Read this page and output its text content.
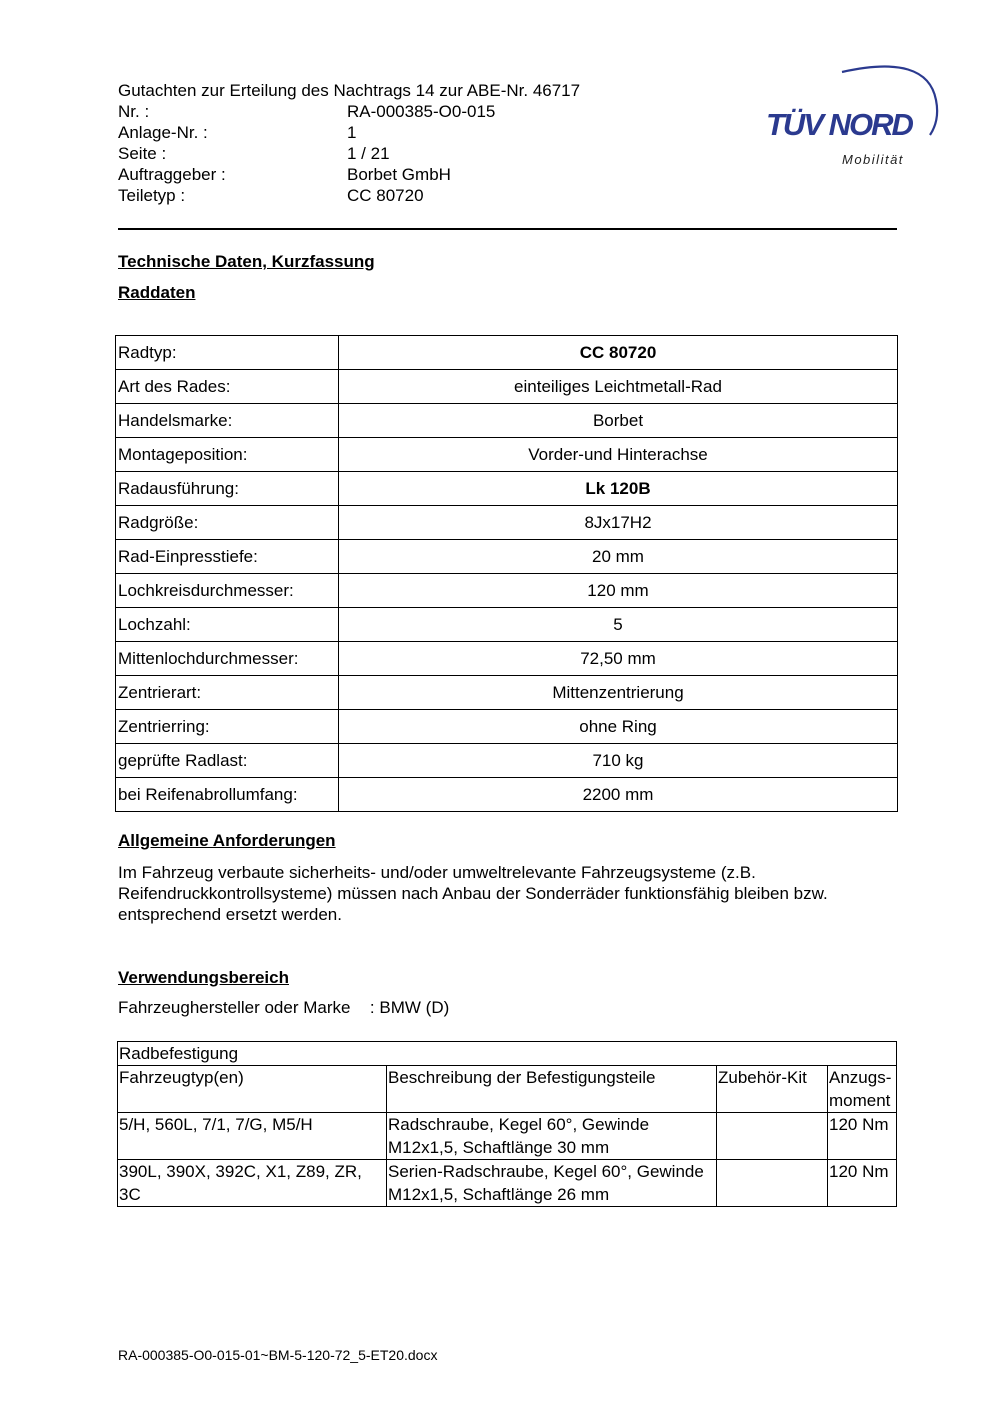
Gutachten zur Erteilung des Nachtrags 14 zur ABE-Nr. 46717
Nr. :	RA-000385-O0-015
Anlage-Nr. :	1
Seite :	1 / 21
Auftraggeber :	Borbet GmbH
Teiletyp :	CC 80720
TÜV NORD
Mobilität
Technische Daten, Kurzfassung
Raddaten
Radtyp:	CC 80720
Art des Rades:	einteiliges Leichtmetall-Rad
Handelsmarke:	Borbet
Montageposition:	Vorder-und Hinterachse
Radausführung:	Lk 120B
Radgröße:	8Jx17H2
Rad-Einpresstiefe:	20 mm
Lochkreisdurchmesser:	120 mm
Lochzahl:	5
Mittenlochdurchmesser:	72,50 mm
Zentrierart:	Mittenzentrierung
Zentrierring:	ohne Ring
geprüfte Radlast:	710 kg
bei Reifenabrollumfang:	2200 mm
Allgemeine Anforderungen
Im Fahrzeug verbaute sicherheits- und/oder umweltrelevante Fahrzeugsysteme (z.B. Reifendruckkontrollsysteme) müssen nach Anbau der Sonderräder funktionsfähig bleiben bzw. entsprechend ersetzt werden.
Verwendungsbereich
Fahrzeughersteller oder Marke : BMW (D)
Radbefestigung			
Fahrzeugtyp(en)	Beschreibung der Befestigungsteile	Zubehör-Kit	Anzugs-moment
5/H, 560L, 7/1, 7/G, M5/H	Radschraube, Kegel 60°, Gewinde M12x1,5, Schaftlänge 30 mm		120 Nm
390L, 390X, 392C, X1, Z89, ZR, 3C	Serien-Radschraube, Kegel 60°, Gewinde M12x1,5, Schaftlänge 26 mm		120 Nm
RA-000385-O0-015-01~BM-5-120-72_5-ET20.docx
